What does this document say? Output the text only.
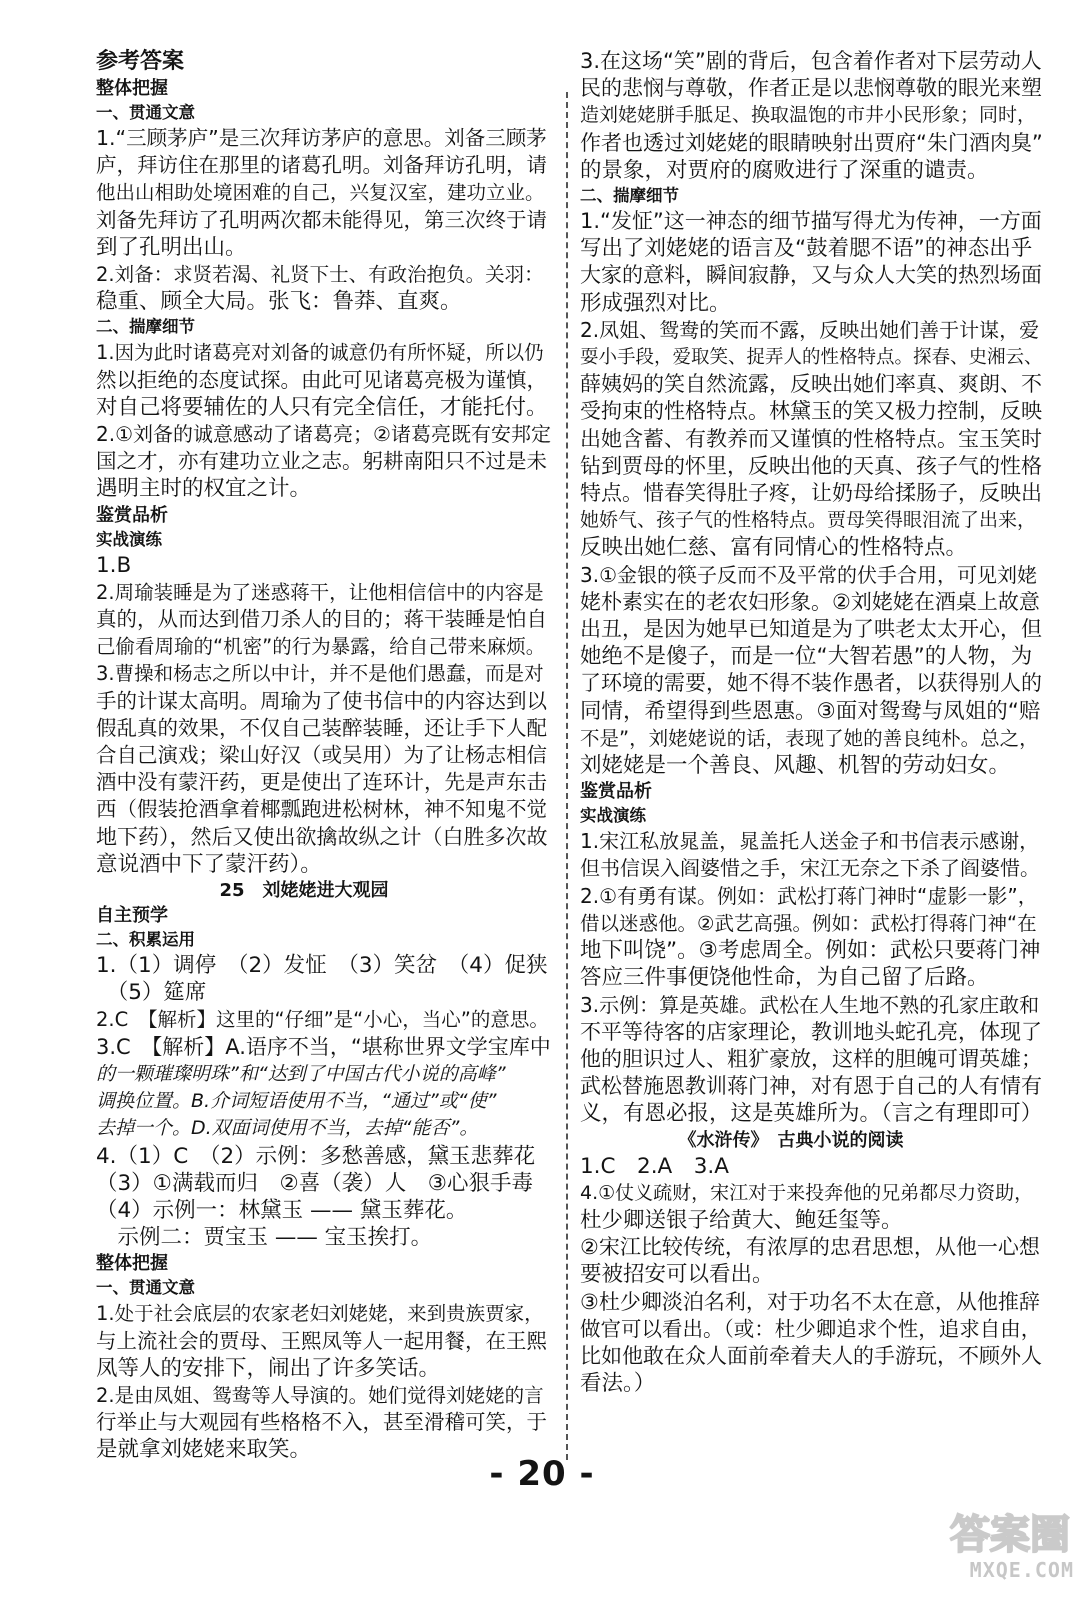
参考答案
整体把握
一、贯通文意
1.“三顾茅庐”是三次拜访茅庐的意思。刘备三顾茅
庐，拜访住在那里的诸葛孔明。刘备拜访孔明，请
他出山相助处境困难的自己，兴复汉室，建功立业。
刘备先拜访了孔明两次都未能得见，第三次终于请
到了孔明出山。
2.刘备：求贤若渴、礼贤下士、有政治抱负。关羽：
稳重、顾全大局。张飞：鲁莽、直爽。
二、揣摩细节
1.因为此时诸葛亮对刘备的诚意仍有所怀疑，所以仍
然以拒绝的态度试探。由此可见诸葛亮极为谨慎，
对自己将要辅佐的人只有完全信任，才能托付。
2.①刘备的诚意感动了诸葛亮；②诸葛亮既有安邦定
国之才，亦有建功立业之志。躬耕南阳只不过是未
遇明主时的权宜之计。
鉴赏品析
实战演练
1.B
2.周瑜装睡是为了迷惑蒋干，让他相信信中的内容是
真的，从而达到借刀杀人的目的；蒋干装睡是怕自
己偷看周瑜的“机密”的行为暴露，给自己带来麻烦。
3.曹操和杨志之所以中计，并不是他们愚蠢，而是对
手的计谋太高明。周瑜为了使书信中的内容达到以
假乱真的效果，不仅自己装醉装睡，还让手下人配
合自己演戏；梁山好汉（或吴用）为了让杨志相信
酒中没有蒙汗药，更是使出了连环计，先是声东击
西（假装抢酒拿着椰瓢跑进松树林，神不知鬼不觉
地下药），然后又使出欲擒故纵之计（白胜多次故
意说酒中下了蒙汗药）。
25　刘姥姥进大观园
自主预学
二、积累运用
1.（1）调停　（2）发怔　（3）笑岔　（4）促狭
　（5）筵席
2.C　【解析】这里的“仔细”是“小心，当心”的意思。
3.C　【解析】A.语序不当，“堪称世界文学宝库中
的一颗璀璨明珠”和“达到了中国古代小说的高峰”
调换位置。B.介词短语使用不当，“通过”或“使”
去掉一个。D.双面词使用不当，去掉“能否”。
4.（1）C　（2）示例：多愁善感，黛玉悲葬花
（3）①满载而归　②喜（袭）人　③心狠手毒
（4）示例一：林黛玉 —— 黛玉葬花。
　示例二：贾宝玉 —— 宝玉挨打。
整体把握
一、贯通文意
1.处于社会底层的农家老妇刘姥姥，来到贵族贾家，
与上流社会的贾母、王熙凤等人一起用餐，在王熙
凤等人的安排下，闹出了许多笑话。
2.是由凤姐、鸳鸯等人导演的。她们觉得刘姥姥的言
行举止与大观园有些格格不入，甚至滑稽可笑，于
是就拿刘姥姥来取笑。
3.在这场“笑”剧的背后，包含着作者对下层劳动人
民的悲悯与尊敬，作者正是以悲悯尊敬的眼光来塑
造刘姥姥胼手胝足、换取温饱的市井小民形象；同时，
作者也透过刘姥姥的眼睛映射出贾府“朱门酒肉臭”
的景象，对贾府的腐败进行了深重的谴责。
二、揣摩细节
1.“发怔”这一神态的细节描写得尤为传神，一方面
写出了刘姥姥的语言及“鼓着腮不语”的神态出乎
大家的意料，瞬间寂静，又与众人大笑的热烈场面
形成强烈对比。
2.凤姐、鸳鸯的笑而不露，反映出她们善于计谋，爱
耍小手段，爱取笑、捉弄人的性格特点。探春、史湘云、
薛姨妈的笑自然流露，反映出她们率真、爽朗、不
受拘束的性格特点。林黛玉的笑又极力控制，反映
出她含蓄、有教养而又谨慎的性格特点。宝玉笑时
钻到贾母的怀里，反映出他的天真、孩子气的性格
特点。惜春笑得肚子疼，让奶母给揉肠子，反映出
她娇气、孩子气的性格特点。贾母笑得眼泪流了出来，
反映出她仁慈、富有同情心的性格特点。
3.①金银的筷子反而不及平常的伏手合用，可见刘姥
姥朴素实在的老农妇形象。②刘姥姥在酒桌上故意
出丑，是因为她早已知道是为了哄老太太开心，但
她绝不是傻子，而是一位“大智若愚”的人物，为
了环境的需要，她不得不装作愚者，以获得别人的
同情，希望得到些恩惠。③面对鸳鸯与凤姐的“赔
不是”，刘姥姥说的话，表现了她的善良纯朴。总之，
刘姥姥是一个善良、风趣、机智的劳动妇女。
鉴赏品析
实战演练
1.宋江私放晁盖，晁盖托人送金子和书信表示感谢，
但书信误入阎婆惜之手，宋江无奈之下杀了阎婆惜。
2.①有勇有谋。例如：武松打蒋门神时“虚影一影”，
借以迷惑他。②武艺高强。例如：武松打得蒋门神“在
地下叫饶”。③考虑周全。例如：武松只要蒋门神
答应三件事便饶他性命，为自己留了后路。
3.示例：算是英雄。武松在人生地不熟的孔家庄敢和
不平等待客的店家理论，教训地头蛇孔亮，体现了
他的胆识过人、粗犷豪放，这样的胆魄可谓英雄；
武松替施恩教训蒋门神，对有恩于自己的人有情有
义，有恩必报，这是英雄所为。（言之有理即可）
《水浒传》　古典小说的阅读
1.C　2.A　3.A
4.①仗义疏财，宋江对于来投奔他的兄弟都尽力资助，
杜少卿送银子给黄大、鲍廷玺等。
②宋江比较传统，有浓厚的忠君思想，从他一心想
要被招安可以看出。
③杜少卿淡泊名利，对于功名不太在意，从他推辞
做官可以看出。（或：杜少卿追求个性，追求自由，
比如他敢在众人面前牵着夫人的手游玩，不顾外人
看法。）
- 20 -
答案圈
MXQE.COM
